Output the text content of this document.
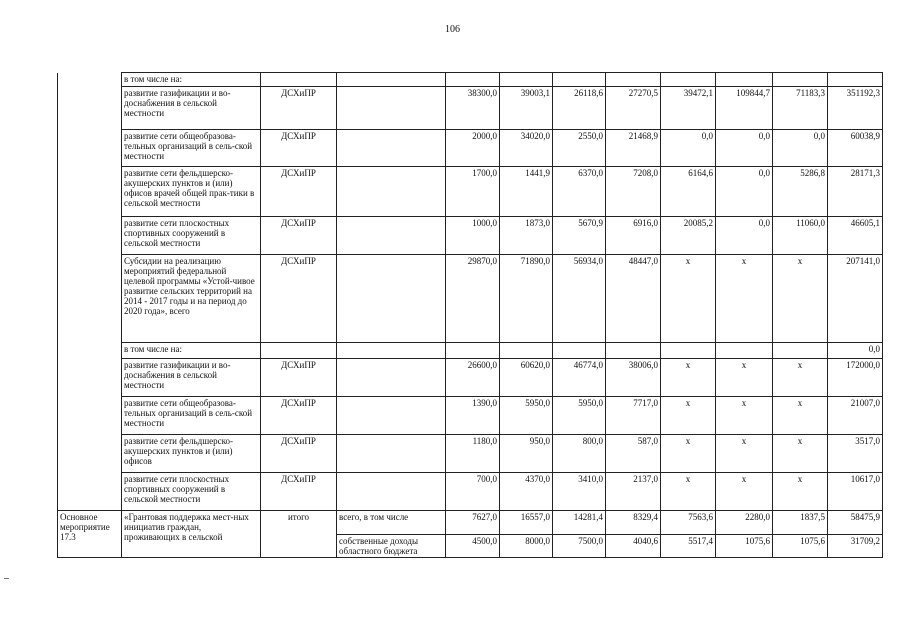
106
	в том числе на:										
	развитие газификации и во-доснабжения в сельской местности	ДСХиПР		38300,0	39003,1	26118,6	27270,5	39472,1	109844,7	71183,3	351192,3
	развитие сети общеобразова-тельных организаций в сель-ской местности	ДСХиПР		2000,0	34020,0	2550,0	21468,9	0,0	0,0	0,0	60038,9
	развитие сети фельдшерско-акушерских пунктов и (или) офисов врачей общей прак-тики в сельской местности	ДСХиПР		1700,0	1441,9	6370,0	7208,0	6164,6	0,0	5286,8	28171,3
	развитие сети плоскостных спортивных сооружений в сельской местности	ДСХиПР		1000,0	1873,0	5670,9	6916,0	20085,2	0,0	11060,0	46605,1
	Субсидии на реализацию мероприятий федеральной целевой программы «Устой-чивое развитие сельских территорий на 2014 - 2017 годы и на период до 2020 года», всего	ДСХиПР		29870,0	71890,0	56934,0	48447,0	х	х	х	207141,0
	в том числе на:										0,0
	развитие газификации и во-доснабжения в сельской местности	ДСХиПР		26600,0	60620,0	46774,0	38006,0	х	х	х	172000,0
	развитие сети общеобразова-тельных организаций в сель-ской местности	ДСХиПР		1390,0	5950,0	5950,0	7717,0	х	х	х	21007,0
	развитие сети фельдшерско-акушерских пунктов и (или) офисов	ДСХиПР		1180,0	950,0	800,0	587,0	х	х	х	3517,0
	развитие сети плоскостных спортивных сооружений в сельской местности	ДСХиПР		700,0	4370,0	3410,0	2137,0	х	х	х	10617,0
Основное мероприятие 17.3	«Грантовая поддержка мест-ных инициатив граждан, проживающих в сельской	итого	всего, в том числе	7627,0	16557,0	14281,4	8329,4	7563,6	2280,0	1837,5	58475,9
			собственные доходы областного бюджета	4500,0	8000,0	7500,0	4040,6	5517,4	1075,6	1075,6	31709,2
